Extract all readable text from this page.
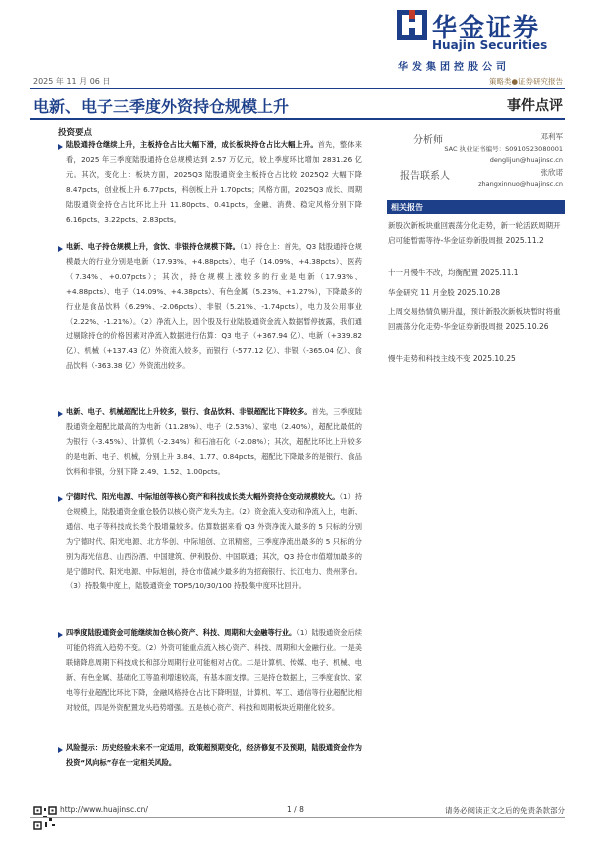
华金证券
Huajin Securities
华发集团控股公司
2025 年 11 月 06 日	策略类●证券研究报告
电新、电子三季度外资持仓规模上升	事件点评
投资要点
陆股通持仓继续上升，主板持仓占比大幅下滑，成长板块持仓占比大幅上升。首先，整体来看，2025 年三季度陆股通持仓总规模达到 2.57 万亿元，较上季度环比增加 2831.26 亿元。其次，变化上：板块方面，2025Q3 陆股通资金主板持仓占比较 2025Q2 大幅下降 8.47pcts，创业板上升 6.77pcts，科创板上升 1.70pcts；风格方面，2025Q3 成长、周期陆股通资金持仓占比环比上升 11.80pcts、0.41pcts，金融、消费、稳定风格分别下降 6.16pcts、3.22pcts、2.83pcts。
电新、电子持仓规模上升，食饮、非银持仓规模下降。（1）持仓上：首先，Q3 陆股通持仓规模最大的行业分别是电新（17.93%、+4.88pcts）、电子（14.09%、+4.38pcts）、医药（7.34%、+0.07pcts）；其次，持仓规模上涨较多的行业是电新（17.93%、+4.88pcts）、电子（14.09%、+4.38pcts）、有色金属（5.23%、+1.27%），下降最多的行业是食品饮料（6.29%、-2.06pcts）、非银（5.21%、-1.74pcts），电力及公用事业（2.22%、-1.21%）。（2）净流入上，因个股及行业陆股通资金流入数据暂停披露，我们通过剔除持仓的价格因素对净流入数据进行估算：Q3 电子（+367.94 亿）、电新（+339.82 亿）、机械（+137.43 亿）外资流入较多，而银行（-577.12 亿）、非银（-365.04 亿）、食品饮料（-363.38 亿）外资流出较多。
电新、电子、机械超配比上升较多，银行、食品饮料、非银超配比下降较多。首先，三季度陆股通资金超配比最高的为电新（11.28%）、电子（2.53%）、家电（2.40%），超配比最低的为银行（-3.45%）、计算机（-2.34%）和石油石化（-2.08%）；其次，超配比环比上升较多的是电新、电子、机械，分别上升 3.84、1.77、0.84pcts，超配比下降最多的是银行、食品饮料和非银，分别下降 2.49、1.52、1.00pcts。
宁德时代、阳光电源、中际旭创等核心资产和科技成长类大幅外资持仓变动规模较大。（1）持仓规模上，陆股通资金重仓股仍以核心资产龙头为主。（2）资金流入变动和净流入上，电新、通信、电子等科技成长类个股增量较多。估算数据来看 Q3 外资净流入最多的 5 只标的分别为宁德时代、阳光电源、北方华创、中际旭创、立讯精密，三季度净流出最多的 5 只标的分别为海光信息、山西汾酒、中国建筑、伊利股份、中国联通；其次，Q3 持仓市值增加最多的是宁德时代、阳光电源、中际旭创，持仓市值减少最多的为招商银行、长江电力、贵州茅台。（3）持股集中度上，陆股通资金 TOP5/10/30/100 持股集中度环比回升。
四季度陆股通资金可能继续加仓核心资产、科技、周期和大金融等行业。（1）陆股通资金后续可能仍将流入趋势不变。（2）外资可能重点流入核心资产、科技、周期和大金融行业。一是美联储降息周期下科技成长和部分周期行业可能相对占优。二是计算机、传媒、电子、机械、电新、有色金属、基础化工等盈利增速较高，有基本面支撑。三是持仓数据上，三季度食饮、家电等行业超配比环比下降，金融风格持仓占比下降明显，计算机、军工、通信等行业超配比相对较低，四是外资配置龙头趋势增强。五是核心资产、科技和周期板块近期催化较多。
风险提示：历史经验未来不一定适用，政策超预期变化，经济修复不及预期，陆股通资金作为投资“风向标”存在一定相关风险。
分析师	邓利军
SAC 执业证书编号：S0910523080001
denglijun@huajinsc.cn
报告联系人	张欣诺
zhangxinnuo@huajinsc.cn
相关报告
新股次新板块重回震荡分化走势，新一轮活跃周期开启可能暂需等待-华金证券新股周报 2025.11.2
十一月慢牛不改，均衡配置 2025.11.1
华金研究 11 月金股 2025.10.28
上周交易热情负剔升温，预计新股次新板块暂时将重回震荡分化走势-华金证券新股周报 2025.10.26
慢牛走势和科技主线不变 2025.10.25
http://www.huajinsc.cn/	1 / 8	请务必阅读正文之后的免责条款部分
